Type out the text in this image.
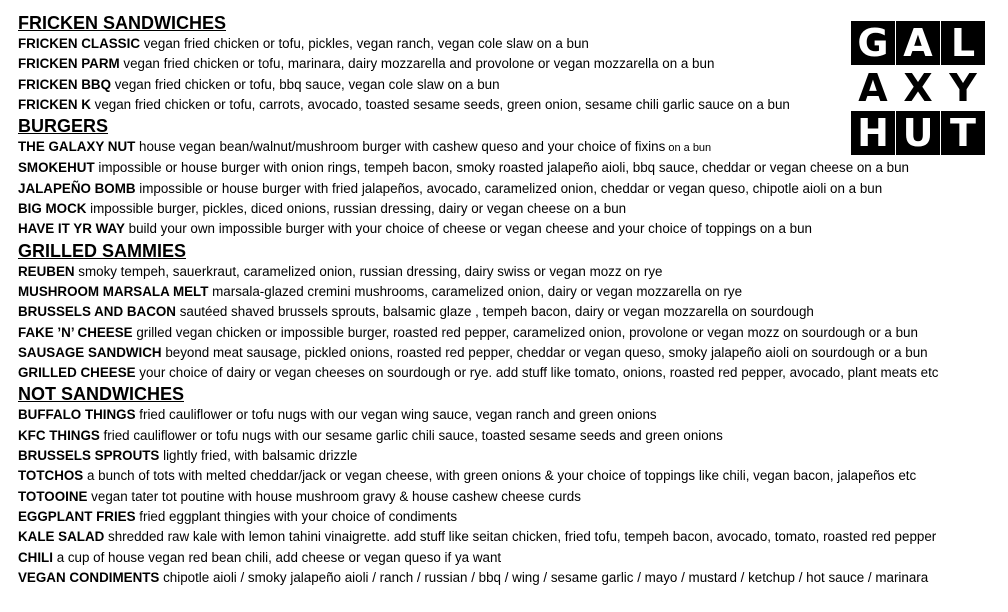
G A L
A X Y
H U T
FRICKEN SANDWICHES

FRICKEN CLASSIC vegan fried chicken or tofu, pickles, vegan ranch, vegan cole slaw on a bun

FRICKEN PARM vegan fried chicken or tofu, marinara, dairy mozzarella and provolone or vegan mozzarella on a bun

FRICKEN BBQ vegan fried chicken or tofu, bbq sauce, vegan cole slaw on a bun

FRICKEN K vegan fried chicken or tofu, carrots, avocado, toasted sesame seeds, green onion, sesame chili garlic sauce on a bun

BURGERS

THE GALAXY NUT house vegan bean/walnut/mushroom burger with cashew queso and your choice of fixins on a bun

SMOKEHUT impossible or house burger with onion rings, tempeh bacon, smoky roasted jalapeño aioli, bbq sauce, cheddar or vegan cheese on a bun

JALAPEÑO BOMB impossible or house burger with fried jalapeños, avocado, caramelized onion, cheddar or vegan queso, chipotle aioli on a bun

BIG MOCK impossible burger, pickles, diced onions, russian dressing, dairy or vegan cheese on a bun

HAVE IT YR WAY build your own impossible burger with your choice of cheese or vegan cheese and your choice of toppings on a bun

GRILLED SAMMIES

REUBEN smoky tempeh, sauerkraut, caramelized onion, russian dressing, dairy swiss or vegan mozz on rye

MUSHROOM MARSALA MELT marsala-glazed cremini mushrooms, caramelized onion, dairy or vegan mozzarella on rye

BRUSSELS AND BACON sautéed shaved brussels sprouts, balsamic glaze , tempeh bacon, dairy or vegan mozzarella on sourdough

FAKE ’N’ CHEESE grilled vegan chicken or impossible burger, roasted red pepper, caramelized onion, provolone or vegan mozz on sourdough or a bun

SAUSAGE SANDWICH beyond meat sausage, pickled onions, roasted red pepper, cheddar or vegan queso, smoky jalapeño aioli on sourdough or a bun

GRILLED CHEESE your choice of dairy or vegan cheeses on sourdough or rye. add stuff like tomato, onions, roasted red pepper, avocado, plant meats etc

NOT SANDWICHES

BUFFALO THINGS fried cauliflower or tofu nugs with our vegan wing sauce, vegan ranch and green onions

KFC THINGS fried cauliflower or tofu nugs with our sesame garlic chili sauce, toasted sesame seeds and green onions

BRUSSELS SPROUTS lightly fried, with balsamic drizzle

TOTCHOS a bunch of tots with melted cheddar/jack or vegan cheese, with green onions & your choice of toppings like chili, vegan bacon, jalapeños etc

TOTOOINE vegan tater tot poutine with house mushroom gravy & house cashew cheese curds

EGGPLANT FRIES fried eggplant thingies with your choice of condiments

KALE SALAD shredded raw kale with lemon tahini vinaigrette. add stuff like seitan chicken, fried tofu, tempeh bacon, avocado, tomato, roasted red pepper

CHILI a cup of house vegan red bean chili, add cheese or vegan queso if ya want

VEGAN CONDIMENTS chipotle aioli / smoky jalapeño aioli / ranch / russian / bbq / wing / sesame garlic / mayo / mustard / ketchup / hot sauce / marinara
